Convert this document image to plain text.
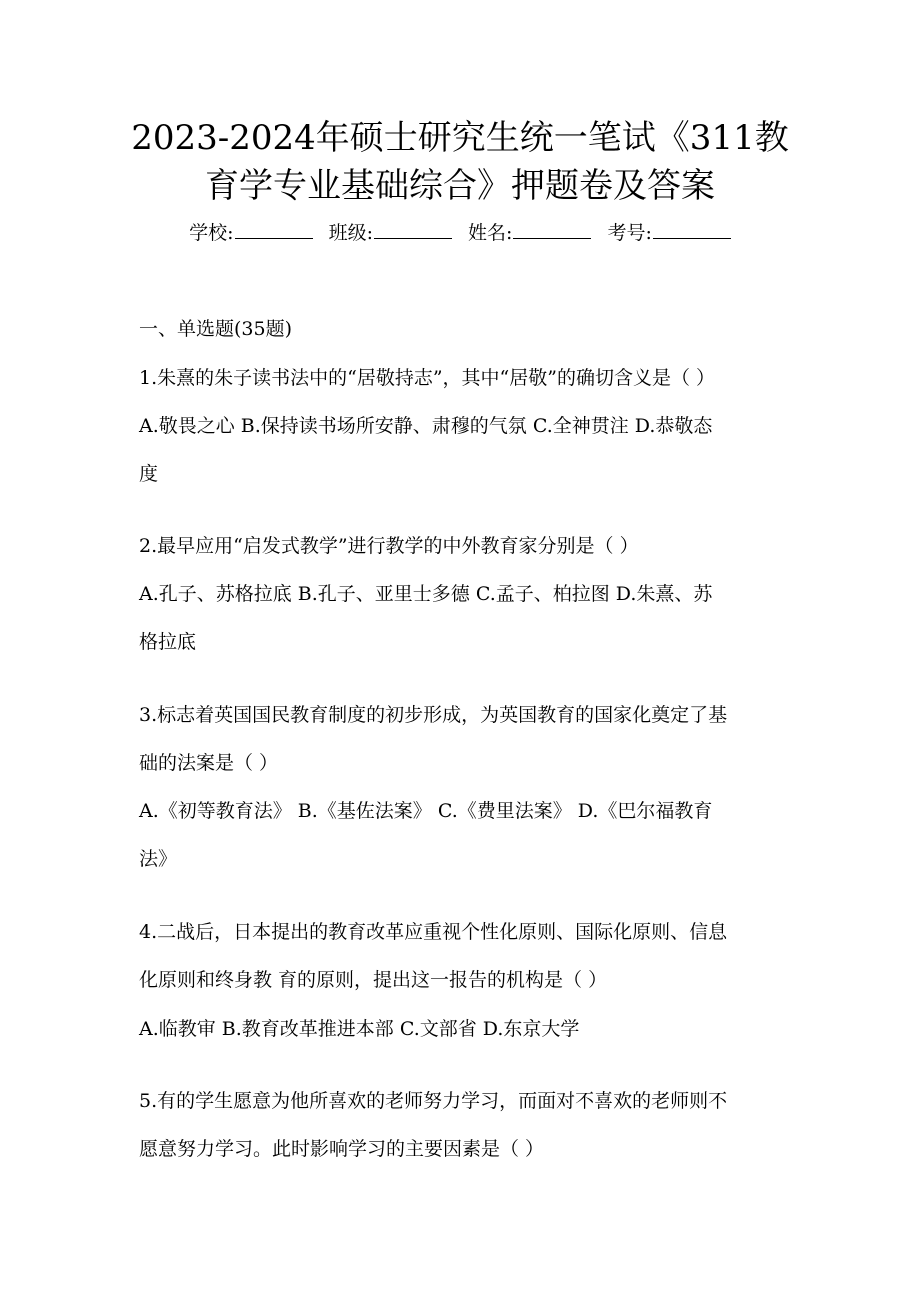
2023-2024年硕士研究生统一笔试《311教
育学专业基础综合》押题卷及答案
学校:	班级:	姓名:	考号:
一、单选题(35题)
1.朱熹的朱子读书法中的“居敬持志”，其中“居敬”的确切含义是（ ）
A.敬畏之心 B.保持读书场所安静、肃穆的气氛 C.全神贯注 D.恭敬态
度
2.最早应用“启发式教学”进行教学的中外教育家分别是（ ）
A.孔子、苏格拉底 B.孔子、亚里士多德 C.孟子、柏拉图 D.朱熹、苏
格拉底
3.标志着英国国民教育制度的初步形成，为英国教育的国家化奠定了基
础的法案是（ ）
A.《初等教育法》 B.《基佐法案》 C.《费里法案》 D.《巴尔福教育
法》
4.二战后，日本提出的教育改革应重视个性化原则、国际化原则、信息
化原则和终身教 育的原则，提出这一报告的机构是（ ）
A.临教审 B.教育改革推进本部 C.文部省 D.东京大学
5.有的学生愿意为他所喜欢的老师努力学习，而面对不喜欢的老师则不
愿意努力学习。此时影响学习的主要因素是（ ）
